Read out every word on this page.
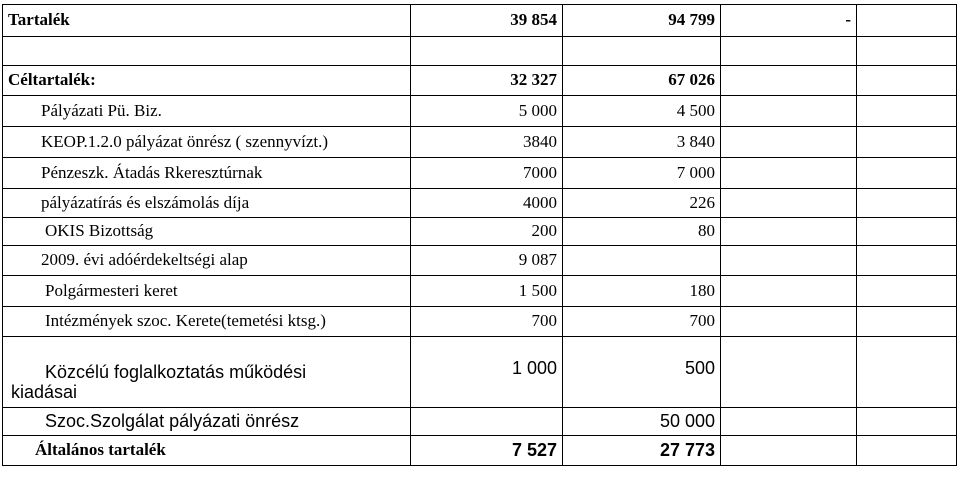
Tartalék	39 854	94 799	-	

Céltartalék:	32 327	67 026		
Pályázati Pü. Biz.	5 000	4 500		
KEOP.1.2.0 pályázat önrész ( szennyvízt.)	3840	3 840		
Pénzeszk. Átadás Rkeresztúrnak	7000	7 000		
pályázatírás és elszámolás díja	4000	226		
OKIS Bizottság	200	80		
2009. évi adóérdekeltségi alap	9 087			
Polgármesteri keret	1 500	180		
Intézmények szoc. Kerete(temetési ktsg.)	700	700		

Közcélú foglalkoztatás működési
kiadásai	1 000	500		
Szoc.Szolgálat pályázati önrész		50 000		
Általános tartalék	7 527	27 773		
